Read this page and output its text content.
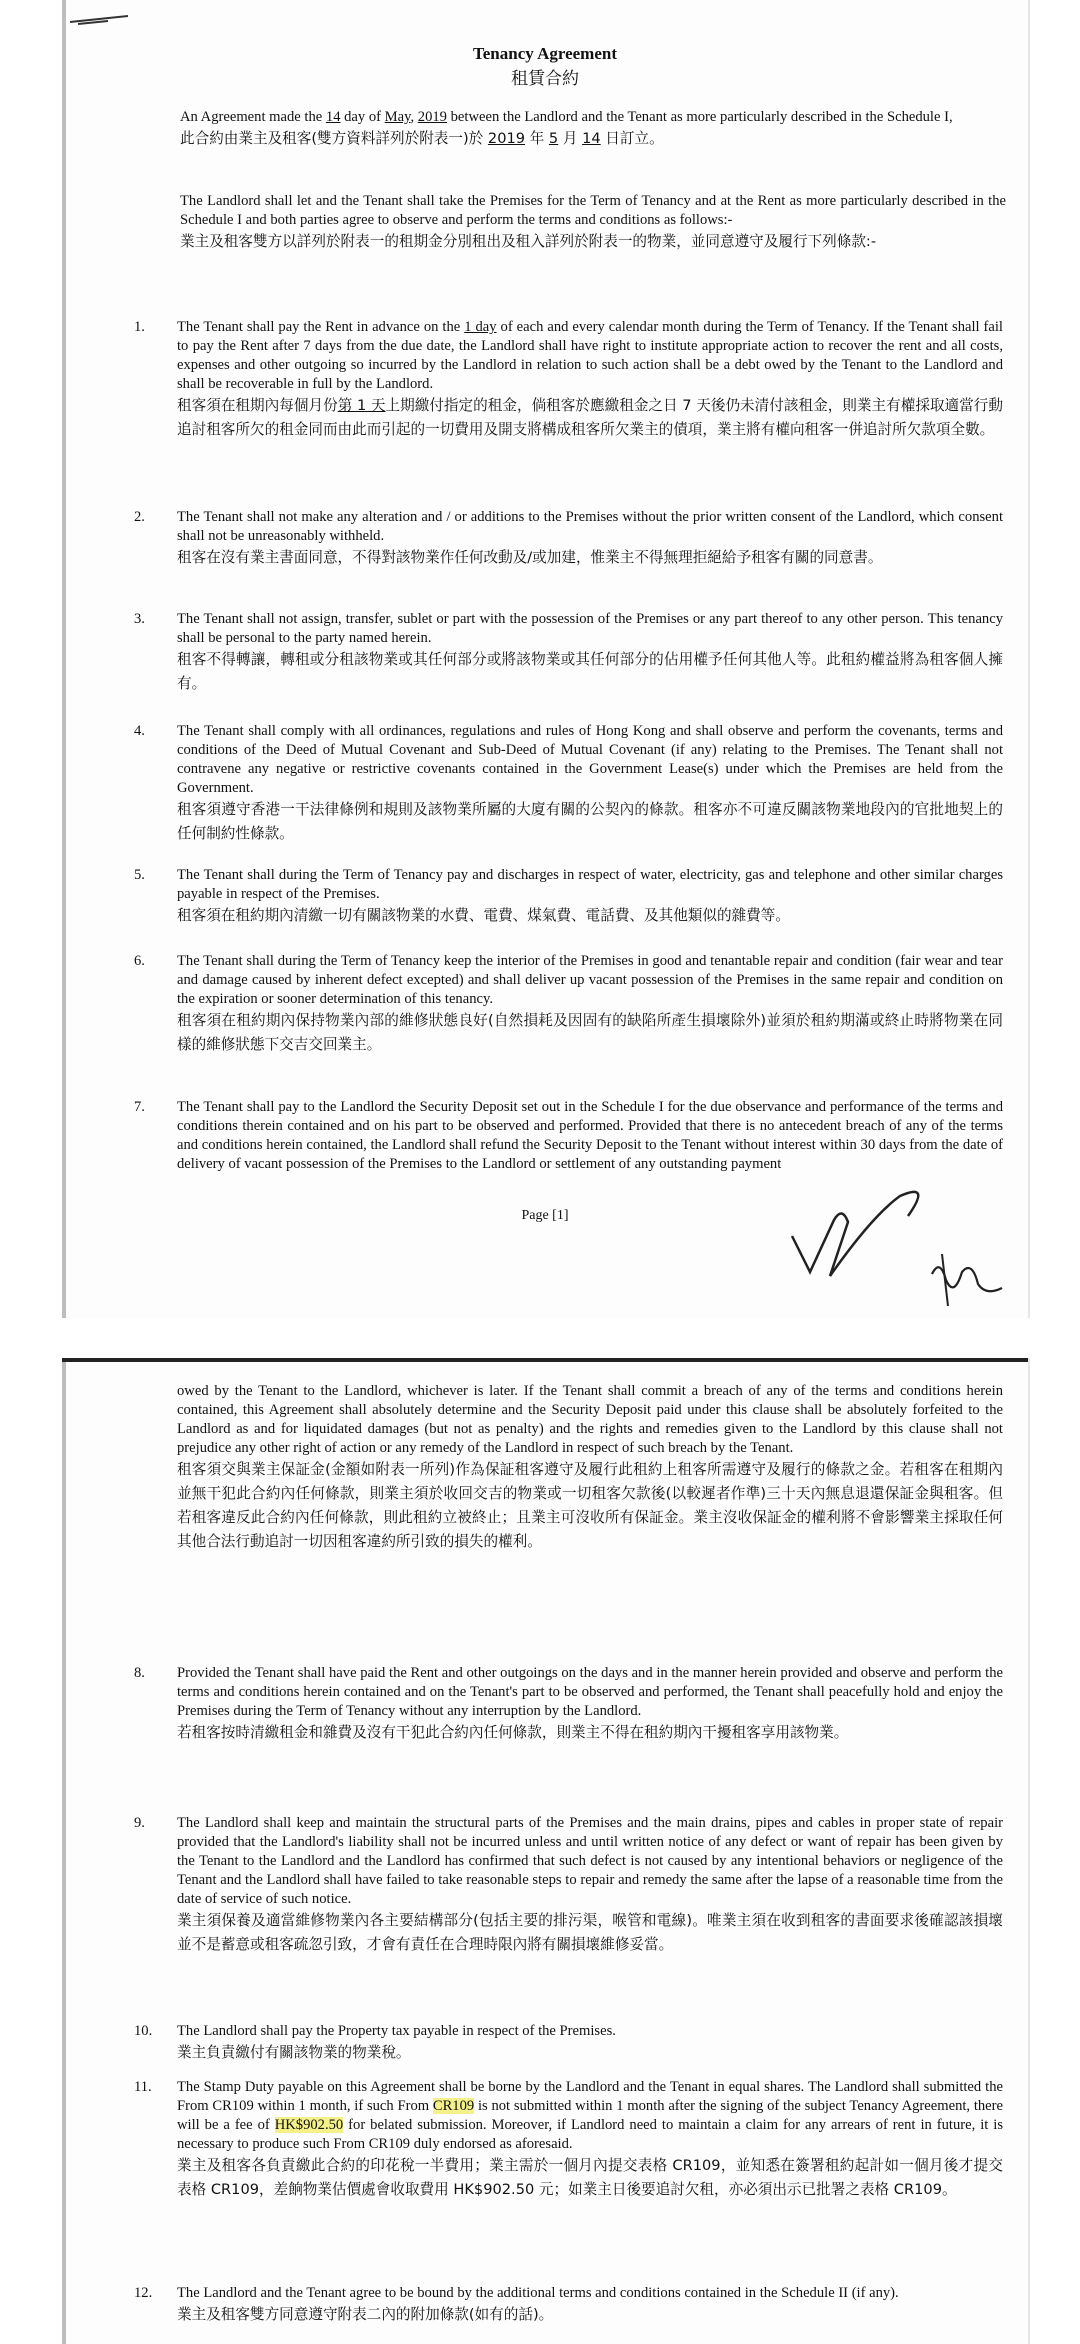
Tenancy Agreement
租賃合約
An Agreement made the 14 day of May, 2019 between the Landlord and the Tenant as more particularly described in the Schedule I,
此合約由業主及租客(雙方資料詳列於附表一)於 2019 年 5 月 14 日訂立。
The Landlord shall let and the Tenant shall take the Premises for the Term of Tenancy and at the Rent as more particularly described in the Schedule I and both parties agree to observe and perform the terms and conditions as follows:-
業主及租客雙方以詳列於附表一的租期金分別租出及租入詳列於附表一的物業，並同意遵守及履行下列條款:-
1. The Tenant shall pay the Rent in advance on the 1 day of each and every calendar month during the Term of Tenancy. If the Tenant shall fail to pay the Rent after 7 days from the due date, the Landlord shall have right to institute appropriate action to recover the rent and all costs, expenses and other outgoing so incurred by the Landlord in relation to such action shall be a debt owed by the Tenant to the Landlord and shall be recoverable in full by the Landlord.
租客須在租期內每個月份第 1 天上期繳付指定的租金，倘租客於應繳租金之日 7 天後仍未清付該租金，則業主有權採取適當行動追討租客所欠的租金同而由此而引起的一切費用及開支將構成租客所欠業主的債項，業主將有權向租客一併追討所欠款項全數。
2. The Tenant shall not make any alteration and / or additions to the Premises without the prior written consent of the Landlord, which consent shall not be unreasonably withheld.
租客在沒有業主書面同意，不得對該物業作任何改動及/或加建，惟業主不得無理拒絕給予租客有關的同意書。
3. The Tenant shall not assign, transfer, sublet or part with the possession of the Premises or any part thereof to any other person. This tenancy shall be personal to the party named herein.
租客不得轉讓，轉租或分租該物業或其任何部分或將該物業或其任何部分的佔用權予任何其他人等。此租約權益將為租客個人擁有。
4. The Tenant shall comply with all ordinances, regulations and rules of Hong Kong and shall observe and perform the covenants, terms and conditions of the Deed of Mutual Covenant and Sub-Deed of Mutual Covenant (if any) relating to the Premises. The Tenant shall not contravene any negative or restrictive covenants contained in the Government Lease(s) under which the Premises are held from the Government.
租客須遵守香港一干法律條例和規則及該物業所屬的大廈有關的公契內的條款。租客亦不可違反關該物業地段內的官批地契上的任何制約性條款。
5. The Tenant shall during the Term of Tenancy pay and discharges in respect of water, electricity, gas and telephone and other similar charges payable in respect of the Premises.
租客須在租約期內清繳一切有關該物業的水費、電費、煤氣費、電話費、及其他類似的雜費等。
6. The Tenant shall during the Term of Tenancy keep the interior of the Premises in good and tenantable repair and condition (fair wear and tear and damage caused by inherent defect excepted) and shall deliver up vacant possession of the Premises in the same repair and condition on the expiration or sooner determination of this tenancy.
租客須在租約期內保持物業內部的維修狀態良好(自然損耗及因固有的缺陷所產生損壞除外)並須於租約期滿或終止時將物業在同樣的維修狀態下交吉交回業主。
7. The Tenant shall pay to the Landlord the Security Deposit set out in the Schedule I for the due observance and performance of the terms and conditions therein contained and on his part to be observed and performed. Provided that there is no antecedent breach of any of the terms and conditions herein contained, the Landlord shall refund the Security Deposit to the Tenant without interest within 30 days from the date of delivery of vacant possession of the Premises to the Landlord or settlement of any outstanding payment
Page [1]
owed by the Tenant to the Landlord, whichever is later. If the Tenant shall commit a breach of any of the terms and conditions herein contained, this Agreement shall absolutely determine and the Security Deposit paid under this clause shall be absolutely forfeited to the Landlord as and for liquidated damages (but not as penalty) and the rights and remedies given to the Landlord by this clause shall not prejudice any other right of action or any remedy of the Landlord in respect of such breach by the Tenant.
租客須交與業主保証金(金額如附表一所列)作為保証租客遵守及履行此租約上租客所需遵守及履行的條款之金。若租客在租期內並無干犯此合約內任何條款，則業主須於收回交吉的物業或一切租客欠款後(以較遲者作準)三十天內無息退還保証金與租客。但若租客違反此合約內任何條款，則此租約立被終止；且業主可沒收所有保証金。業主沒收保証金的權利將不會影響業主採取任何其他合法行動追討一切因租客違約所引致的損失的權利。
8. Provided the Tenant shall have paid the Rent and other outgoings on the days and in the manner herein provided and observe and perform the terms and conditions herein contained and on the Tenant's part to be observed and performed, the Tenant shall peacefully hold and enjoy the Premises during the Term of Tenancy without any interruption by the Landlord.
若租客按時清繳租金和雜費及沒有干犯此合約內任何條款，則業主不得在租約期內干擾租客享用該物業。
9. The Landlord shall keep and maintain the structural parts of the Premises and the main drains, pipes and cables in proper state of repair provided that the Landlord's liability shall not be incurred unless and until written notice of any defect or want of repair has been given by the Tenant to the Landlord and the Landlord has confirmed that such defect is not caused by any intentional behaviors or negligence of the Tenant and the Landlord shall have failed to take reasonable steps to repair and remedy the same after the lapse of a reasonable time from the date of service of such notice.
業主須保養及適當維修物業內各主要結構部分(包括主要的排污渠，喉管和電線)。唯業主須在收到租客的書面要求後確認該損壞並不是蓄意或租客疏忽引致，才會有責任在合理時限內將有關損壞維修妥當。
10. The Landlord shall pay the Property tax payable in respect of the Premises.
業主負責繳付有關該物業的物業稅。
11. The Stamp Duty payable on this Agreement shall be borne by the Landlord and the Tenant in equal shares. The Landlord shall submitted the From CR109 within 1 month, if such From CR109 is not submitted within 1 month after the signing of the subject Tenancy Agreement, there will be a fee of HK$902.50 for belated submission. Moreover, if Landlord need to maintain a claim for any arrears of rent in future, it is necessary to produce such From CR109 duly endorsed as aforesaid.
業主及租客各負責繳此合約的印花稅一半費用；業主需於一個月內提交表格 CR109，並知悉在簽署租約起計如一個月後才提交表格 CR109，差餉物業估價處會收取費用 HK$902.50 元；如業主日後要追討欠租，亦必須出示已批署之表格 CR109。
12. The Landlord and the Tenant agree to be bound by the additional terms and conditions contained in the Schedule II (if any).
業主及租客雙方同意遵守附表二內的附加條款(如有的話)。
